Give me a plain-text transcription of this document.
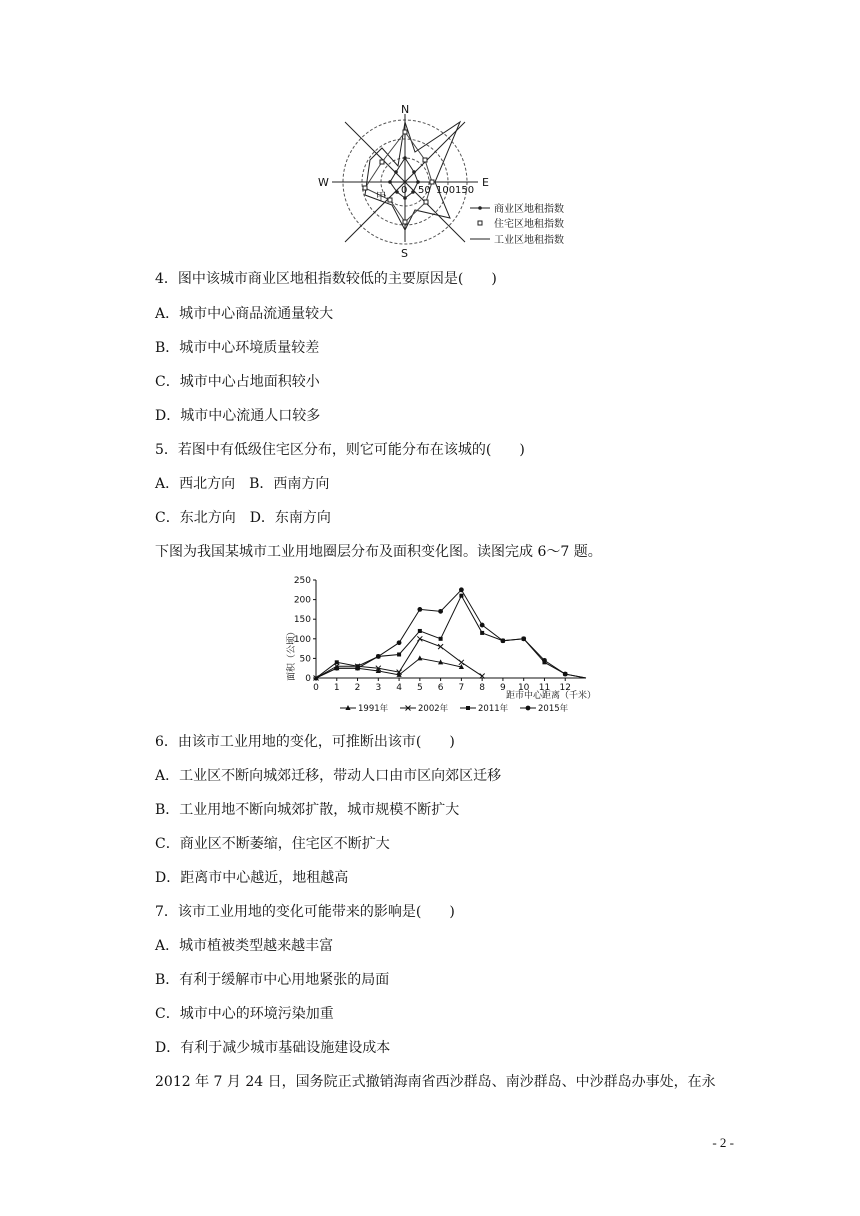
N
S
E
W
0 50 100 150
甲
商业区地租指数
住宅区地租指数
工业区地租指数
4．图中该城市商业区地租指数较低的主要原因是(　　)
A．城市中心商品流通量较大
B．城市中心环境质量较差
C．城市中心占地面积较小
D．城市中心流通人口较多
5．若图中有低级住宅区分布，则它可能分布在该城的(　　)
A．西北方向　B．西南方向
C．东北方向　D．东南方向
下图为我国某城市工业用地圈层分布及面积变化图。读图完成 6～7 题。
0
50
100
150
200
250
0 1 2 3 4 5 6 7 8 9 10 11 12
面积（公顷）
距市中心距离（千米）
1991年	2002年	2011年	2015年
6．由该市工业用地的变化，可推断出该市(　　)
A．工业区不断向城郊迁移，带动人口由市区向郊区迁移
B．工业用地不断向城郊扩散，城市规模不断扩大
C．商业区不断萎缩，住宅区不断扩大
D．距离市中心越近，地租越高
7．该市工业用地的变化可能带来的影响是(　　)
A．城市植被类型越来越丰富
B．有利于缓解市中心用地紧张的局面
C．城市中心的环境污染加重
D．有利于减少城市基础设施建设成本
2012 年 7 月 24 日，国务院正式撤销海南省西沙群岛、南沙群岛、中沙群岛办事处，在永
- 2 -
